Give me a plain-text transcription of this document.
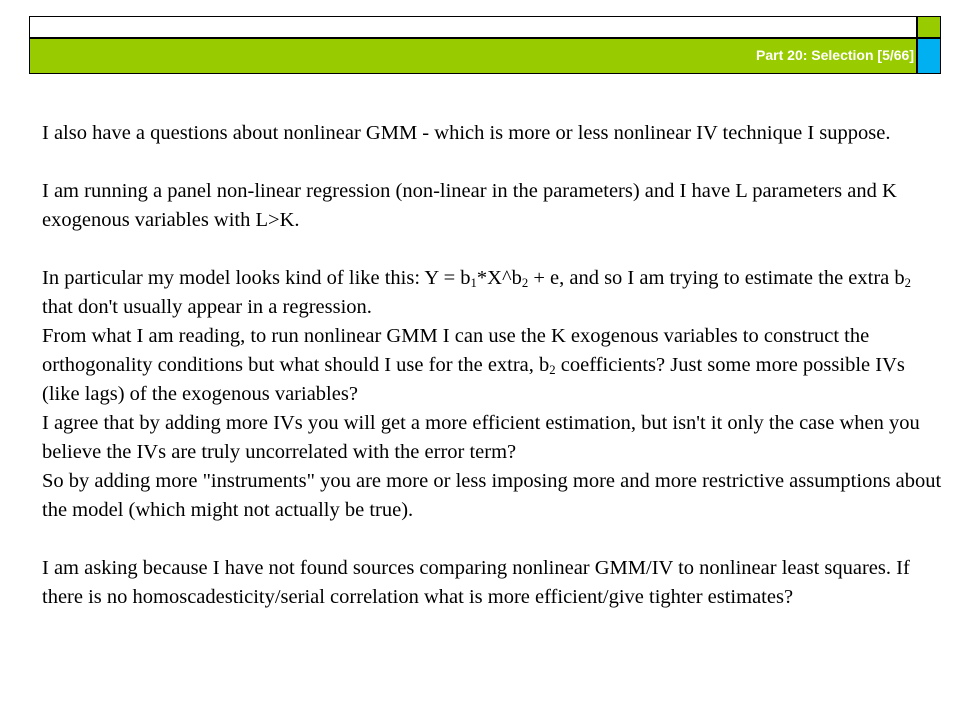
Part 20: Selection [5/66]

I also have a questions about nonlinear GMM - which is more or less nonlinear IV technique I suppose.

I am running a panel non-linear regression (non-linear in the parameters) and I have L parameters and K exogenous variables with L>K.

In particular my model looks kind of like this: $Y = b_1*X\^{}b_2 + e$, and so I am trying to estimate the extra $b_2$ that don't usually appear in a regression.

From what I am reading, to run nonlinear GMM I can use the K exogenous variables to construct the orthogonality conditions but what should I use for the extra, $b_2$ coefficients? Just some more possible IVs (like lags) of the exogenous variables?

I agree that by adding more IVs you will get a more efficient estimation, but isn't it only the case when you believe the IVs are truly uncorrelated with the error term?

So by adding more "instruments" you are more or less imposing more and more restrictive assumptions about the model (which might not actually be true).

I am asking because I have not found sources comparing nonlinear GMM/IV to nonlinear least squares. If there is no homoscadesticity/serial correlation what is more efficient/give tighter estimates?
